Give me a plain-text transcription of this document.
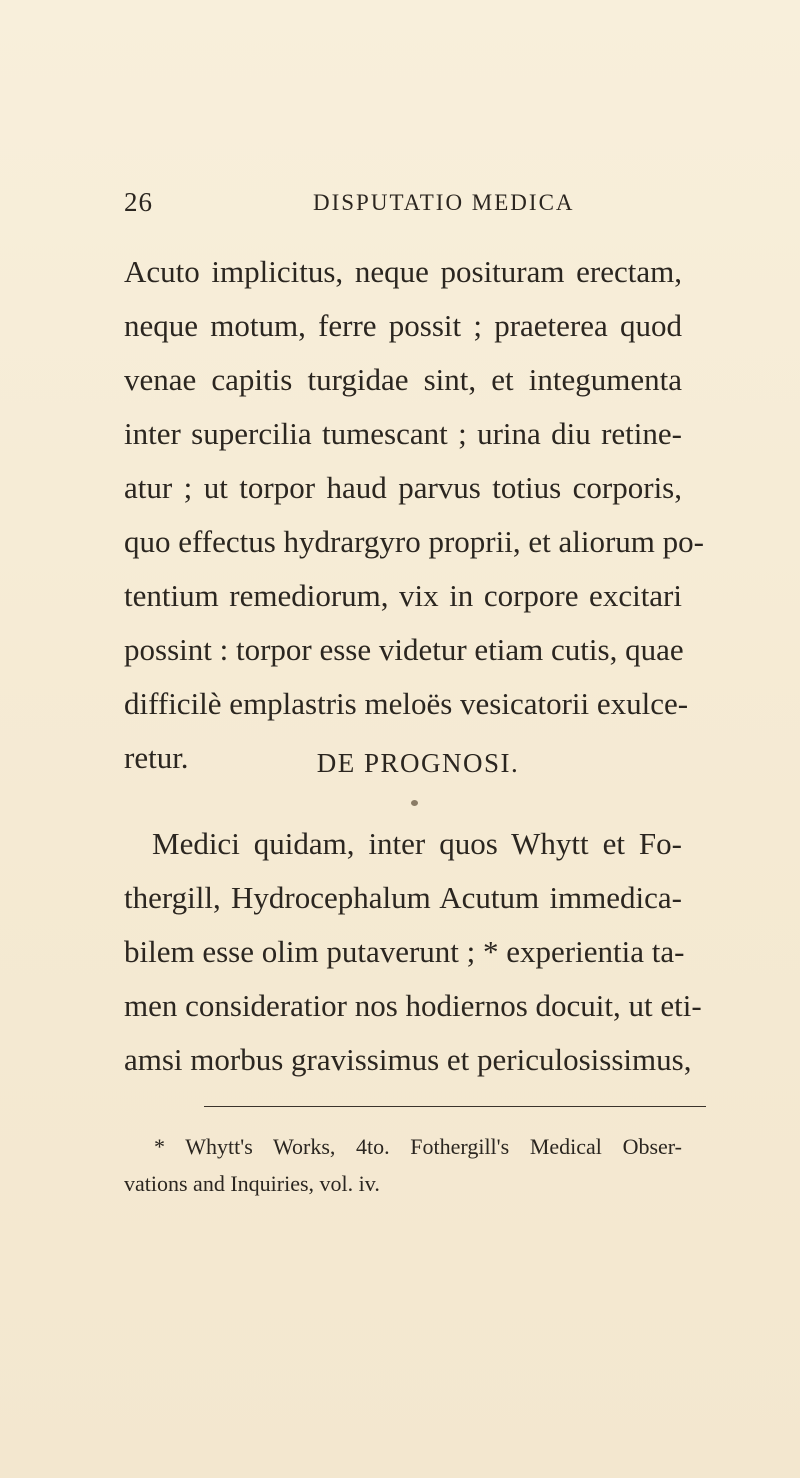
26	DISPUTATIO MEDICA
Acuto implicitus, neque posituram erectam,
neque motum, ferre possit ; praeterea quod
venae capitis turgidae sint, et integumenta
inter supercilia tumescant ; urina diu retine-
atur ; ut torpor haud parvus totius corporis,
quo effectus hydrargyro proprii, et aliorum po-
tentium remediorum, vix in corpore excitari
possint : torpor esse videtur etiam cutis, quae
difficilè emplastris meloës vesicatorii exulce-
retur.	DE PROGNOSI.
Medici quidam, inter quos Whytt et Fo-
thergill, Hydrocephalum Acutum immedica-
bilem esse olim putaverunt ; * experientia ta-
men consideratior nos hodiernos docuit, ut eti-
amsi morbus gravissimus et periculosissimus,
* Whytt's Works, 4to. Fothergill's Medical Obser-
vations and Inquiries, vol. iv.
